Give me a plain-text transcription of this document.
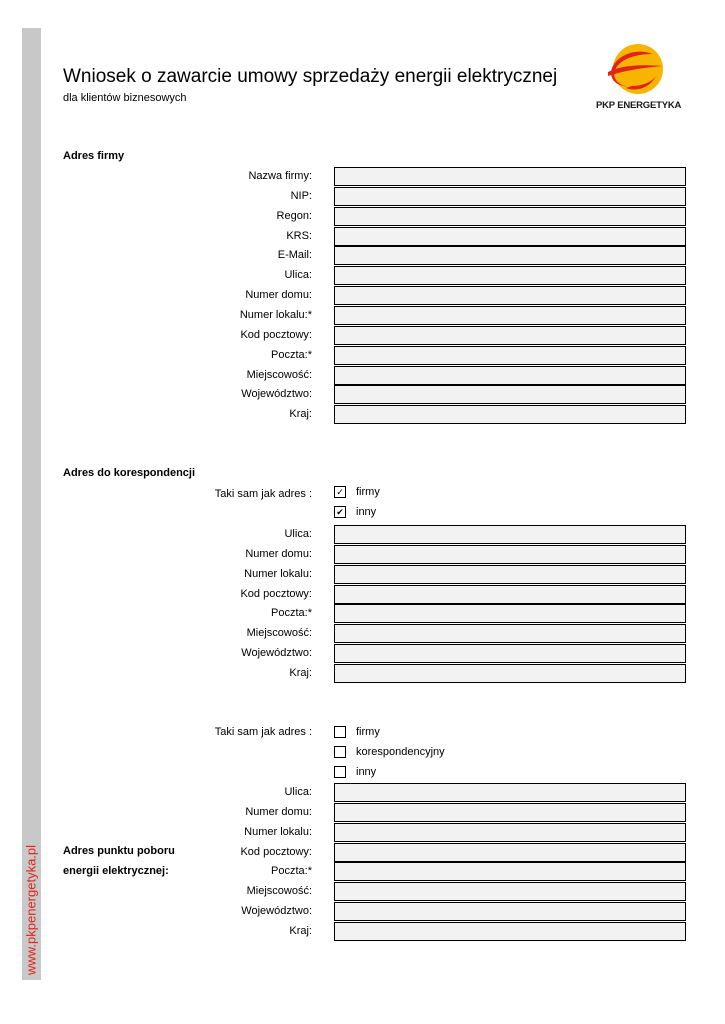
www.pkpenergetyka.pl
Wniosek o zawarcie umowy sprzedaży energii elektrycznej
dla klientów biznesowych
PKP ENERGETYKA
Adres firmy
Nazwa firmy:
NIP:
Regon:
KRS:
E-Mail:
Ulica:
Numer domu:
Numer lokalu:*
Kod pocztowy:
Poczta:*
Miejscowość:
Województwo:
Kraj:
Adres do korespondencji
Taki sam jak adres :	✓ firmy
✔ inny
Ulica:
Numer domu:
Numer lokalu:
Kod pocztowy:
Poczta:*
Miejscowość:
Województwo:
Kraj:
Taki sam jak adres :	firmy
korespondencyjny
inny
Adres punktu poboru
energii elektrycznej:
Ulica:
Numer domu:
Numer lokalu:
Kod pocztowy:
Poczta:*
Miejscowość:
Województwo:
Kraj:
